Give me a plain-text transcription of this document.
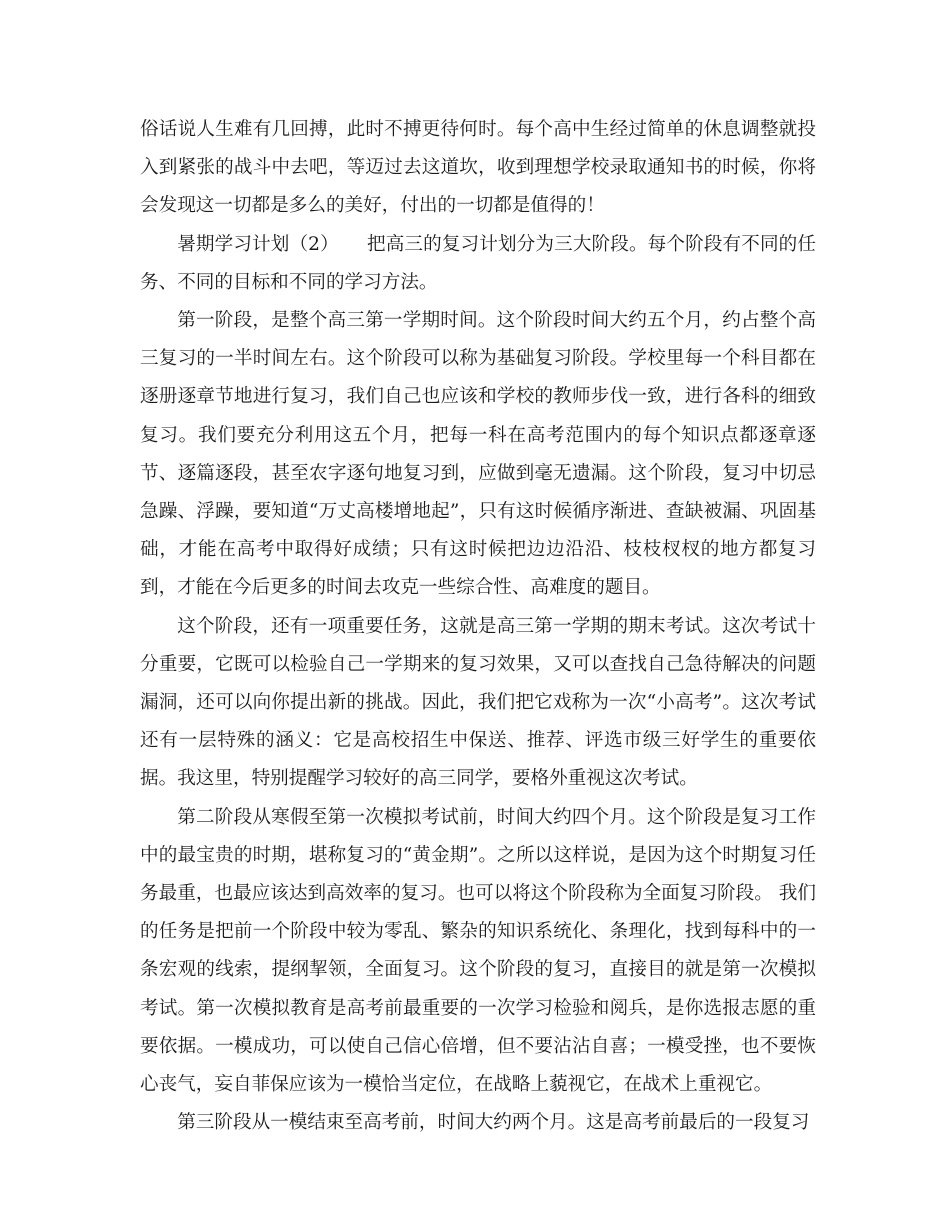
俗话说人生难有几回搏，此时不搏更待何时。每个高中生经过简单的休息调整就投入到紧张的战斗中去吧，等迈过去这道坎，收到理想学校录取通知书的时候，你将会发现这一切都是多么的美好，付出的一切都是值得的！

暑期学习计划（2）　　把高三的复习计划分为三大阶段。每个阶段有不同的任务、不同的目标和不同的学习方法。

第一阶段，是整个高三第一学期时间。这个阶段时间大约五个月，约占整个高三复习的一半时间左右。这个阶段可以称为基础复习阶段。学校里每一个科目都在逐册逐章节地进行复习，我们自己也应该和学校的教师步伐一致，进行各科的细致复习。我们要充分利用这五个月，把每一科在高考范围内的每个知识点都逐章逐节、逐篇逐段，甚至农字逐句地复习到，应做到毫无遗漏。这个阶段，复习中切忌急躁、浮躁，要知道“万丈高楼增地起”，只有这时候循序渐进、查缺被漏、巩固基础，才能在高考中取得好成绩；只有这时候把边边沿沿、枝枝杈杈的地方都复习到，才能在今后更多的时间去攻克一些综合性、高难度的题目。

这个阶段，还有一项重要任务，这就是高三第一学期的期末考试。这次考试十分重要，它既可以检验自己一学期来的复习效果，又可以查找自己急待解决的问题漏洞，还可以向你提出新的挑战。因此，我们把它戏称为一次“小高考”。这次考试还有一层特殊的涵义：它是高校招生中保送、推荐、评选市级三好学生的重要依据。我这里，特别提醒学习较好的高三同学，要格外重视这次考试。

第二阶段从寒假至第一次模拟考试前，时间大约四个月。这个阶段是复习工作中的最宝贵的时期，堪称复习的“黄金期”。之所以这样说，是因为这个时期复习任务最重，也最应该达到高效率的复习。也可以将这个阶段称为全面复习阶段。 我们的任务是把前一个阶段中较为零乱、繁杂的知识系统化、条理化，找到每科中的一条宏观的线索，提纲挈领，全面复习。这个阶段的复习，直接目的就是第一次模拟考试。第一次模拟教育是高考前最重要的一次学习检验和阅兵，是你选报志愿的重要依据。一模成功，可以使自己信心倍增，但不要沾沾自喜；一模受挫，也不要恢心丧气，妄自菲保应该为一模恰当定位，在战略上藐视它，在战术上重视它。

第三阶段从一模结束至高考前，时间大约两个月。这是高考前最后的一段复习
